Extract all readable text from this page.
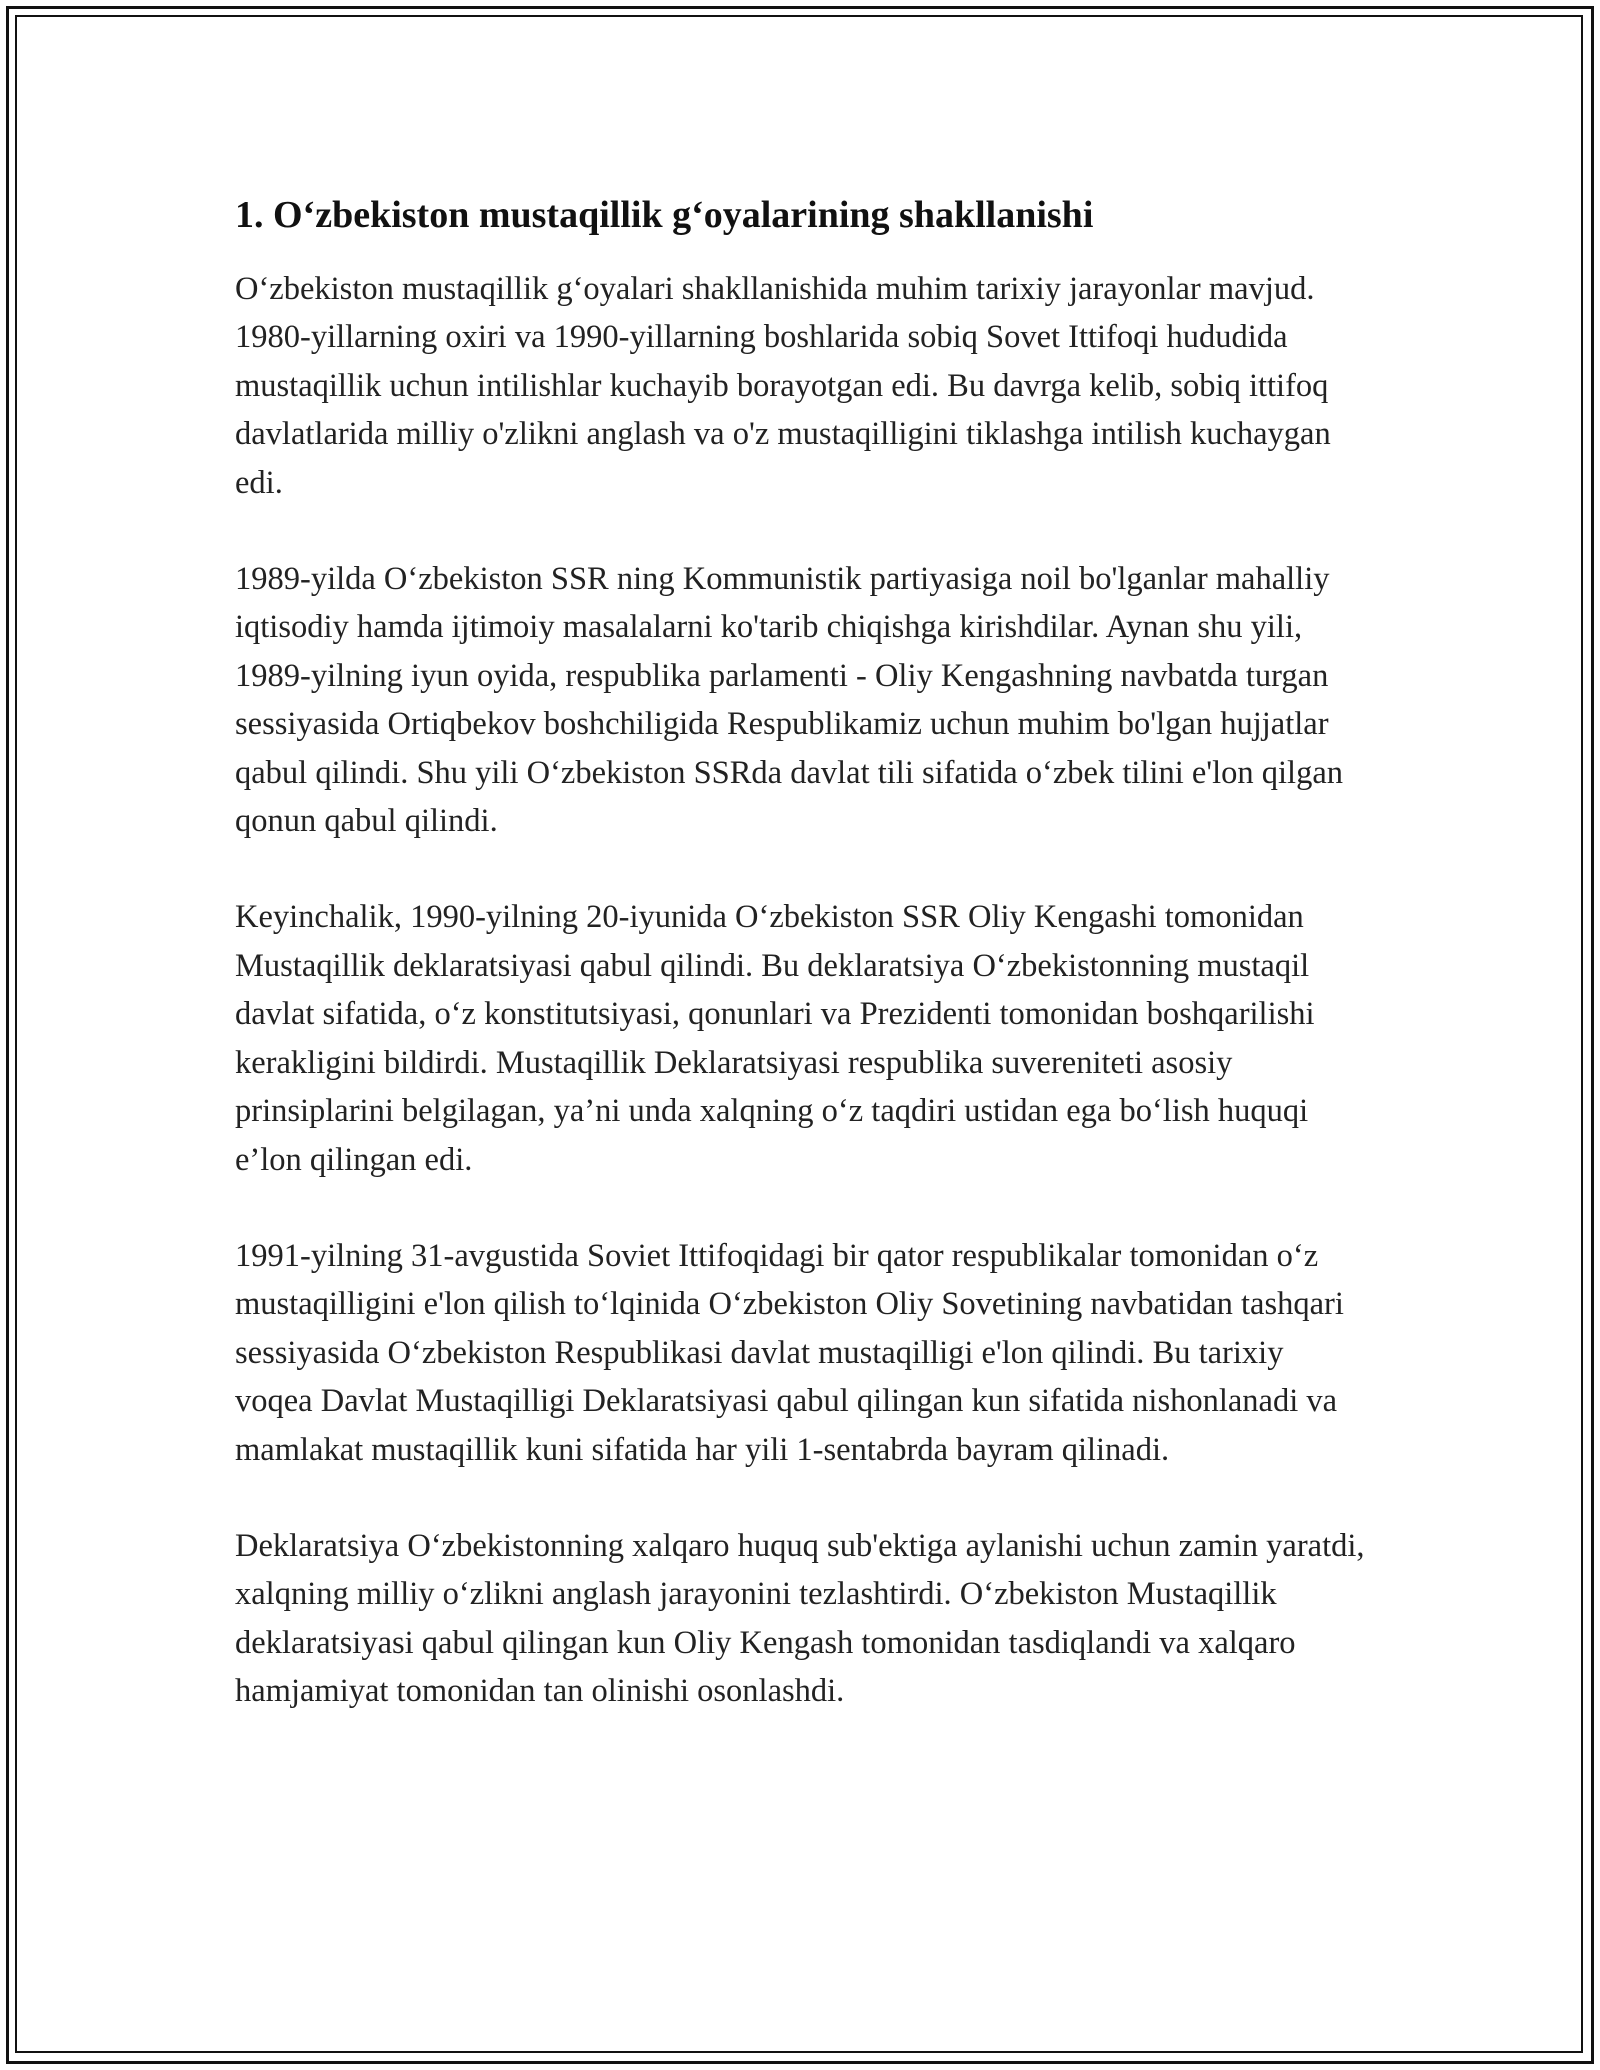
1. O‘zbekiston mustaqillik g‘oyalarining shakllanishi

O‘zbekiston mustaqillik g‘oyalari shakllanishida muhim tarixiy jarayonlar mavjud. 1980-yillarning oxiri va 1990-yillarning boshlarida sobiq Sovet Ittifoqi hududida mustaqillik uchun intilishlar kuchayib borayotgan edi. Bu davrga kelib, sobiq ittifoq davlatlarida milliy o'zlikni anglash va o'z mustaqilligini tiklashga intilish kuchaygan edi.

1989-yilda O‘zbekiston SSR ning Kommunistik partiyasiga noil bo'lganlar mahalliy iqtisodiy hamda ijtimoiy masalalarni ko'tarib chiqishga kirishdilar. Aynan shu yili, 1989-yilning iyun oyida, respublika parlamenti - Oliy Kengashning navbatda turgan sessiyasida Ortiqbekov boshchiligida Respublikamiz uchun muhim bo'lgan hujjatlar qabul qilindi. Shu yili O‘zbekiston SSRda davlat tili sifatida o‘zbek tilini e'lon qilgan qonun qabul qilindi.

Keyinchalik, 1990-yilning 20-iyunida O‘zbekiston SSR Oliy Kengashi tomonidan Mustaqillik deklaratsiyasi qabul qilindi. Bu deklaratsiya O‘zbekistonning mustaqil davlat sifatida, o‘z konstitutsiyasi, qonunlari va Prezidenti tomonidan boshqarilishi kerakligini bildirdi. Mustaqillik Deklaratsiyasi respublika suvereniteti asosiy prinsiplarini belgilagan, ya’ni unda xalqning o‘z taqdiri ustidan ega bo‘lish huquqi e’lon qilingan edi.

1991-yilning 31-avgustida Soviet Ittifoqidagi bir qator respublikalar tomonidan o‘z mustaqilligini e'lon qilish to‘lqinida O‘zbekiston Oliy Sovetining navbatidan tashqari sessiyasida O‘zbekiston Respublikasi davlat mustaqilligi e'lon qilindi. Bu tarixiy voqea Davlat Mustaqilligi Deklaratsiyasi qabul qilingan kun sifatida nishonlanadi va mamlakat mustaqillik kuni sifatida har yili 1-sentabrda bayram qilinadi.

Deklaratsiya O‘zbekistonning xalqaro huquq sub'ektiga aylanishi uchun zamin yaratdi, xalqning milliy o‘zlikni anglash jarayonini tezlashtirdi. O‘zbekiston Mustaqillik deklaratsiyasi qabul qilingan kun Oliy Kengash tomonidan tasdiqlandi va xalqaro hamjamiyat tomonidan tan olinishi osonlashdi.
